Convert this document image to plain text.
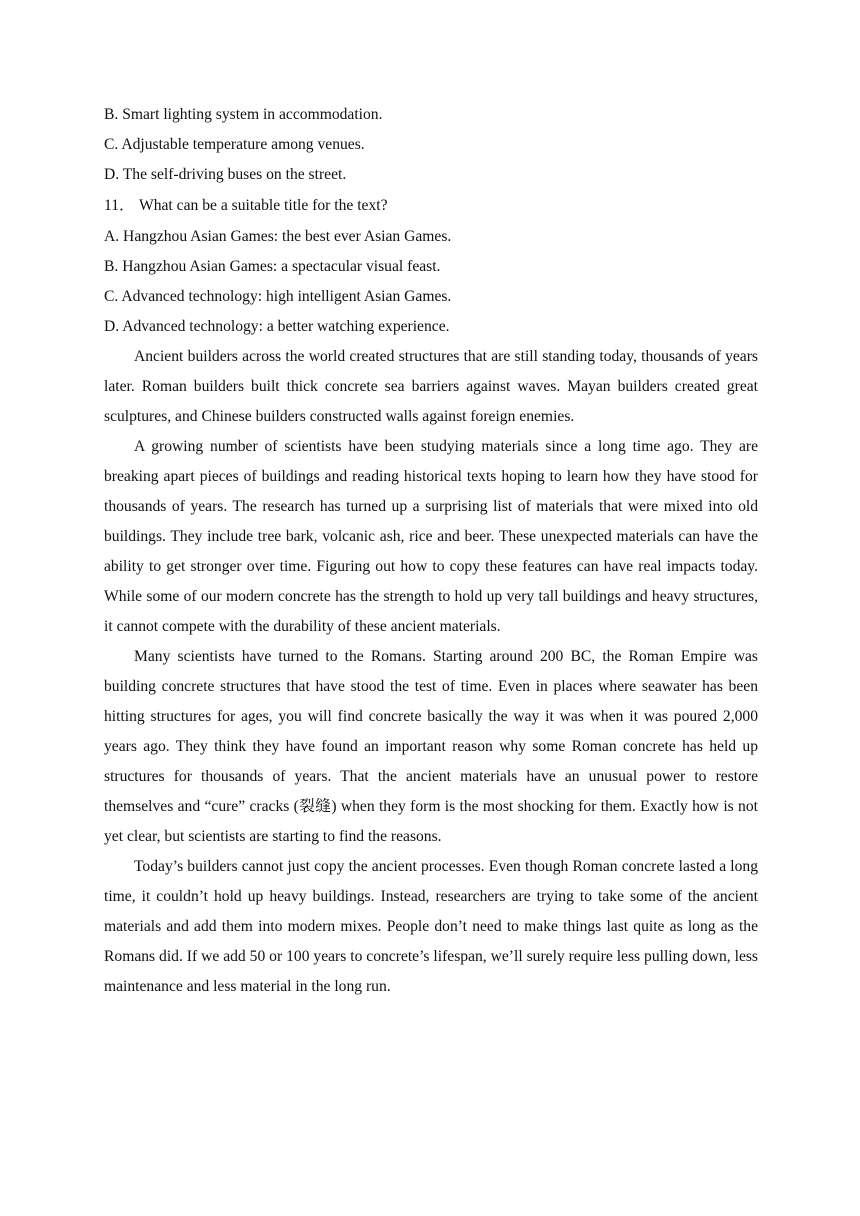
B. Smart lighting system in accommodation.
C. Adjustable temperature among venues.
D. The self-driving buses on the street.
11． What can be a suitable title for the text?
A. Hangzhou Asian Games: the best ever Asian Games.
B. Hangzhou Asian Games: a spectacular visual feast.
C. Advanced technology: high intelligent Asian Games.
D. Advanced technology: a better watching experience.

Ancient builders across the world created structures that are still standing today, thousands of years later. Roman builders built thick concrete sea barriers against waves. Mayan builders created great sculptures, and Chinese builders constructed walls against foreign enemies.

A growing number of scientists have been studying materials since a long time ago. They are breaking apart pieces of buildings and reading historical texts hoping to learn how they have stood for thousands of years. The research has turned up a surprising list of materials that were mixed into old buildings. They include tree bark, volcanic ash, rice and beer. These unexpected materials can have the ability to get stronger over time. Figuring out how to copy these features can have real impacts today. While some of our modern concrete has the strength to hold up very tall buildings and heavy structures, it cannot compete with the durability of these ancient materials.

Many scientists have turned to the Romans. Starting around 200 BC, the Roman Empire was building concrete structures that have stood the test of time. Even in places where seawater has been hitting structures for ages, you will find concrete basically the way it was when it was poured 2,000 years ago. They think they have found an important reason why some Roman concrete has held up structures for thousands of years. That the ancient materials have an unusual power to restore themselves and “cure” cracks (裂缝) when they form is the most shocking for them. Exactly how is not yet clear, but scientists are starting to find the reasons.

Today’s builders cannot just copy the ancient processes. Even though Roman concrete lasted a long time, it couldn’t hold up heavy buildings. Instead, researchers are trying to take some of the ancient materials and add them into modern mixes. People don’t need to make things last quite as long as the Romans did. If we add 50 or 100 years to concrete’s lifespan, we’ll surely require less pulling down, less maintenance and less material in the long run.
